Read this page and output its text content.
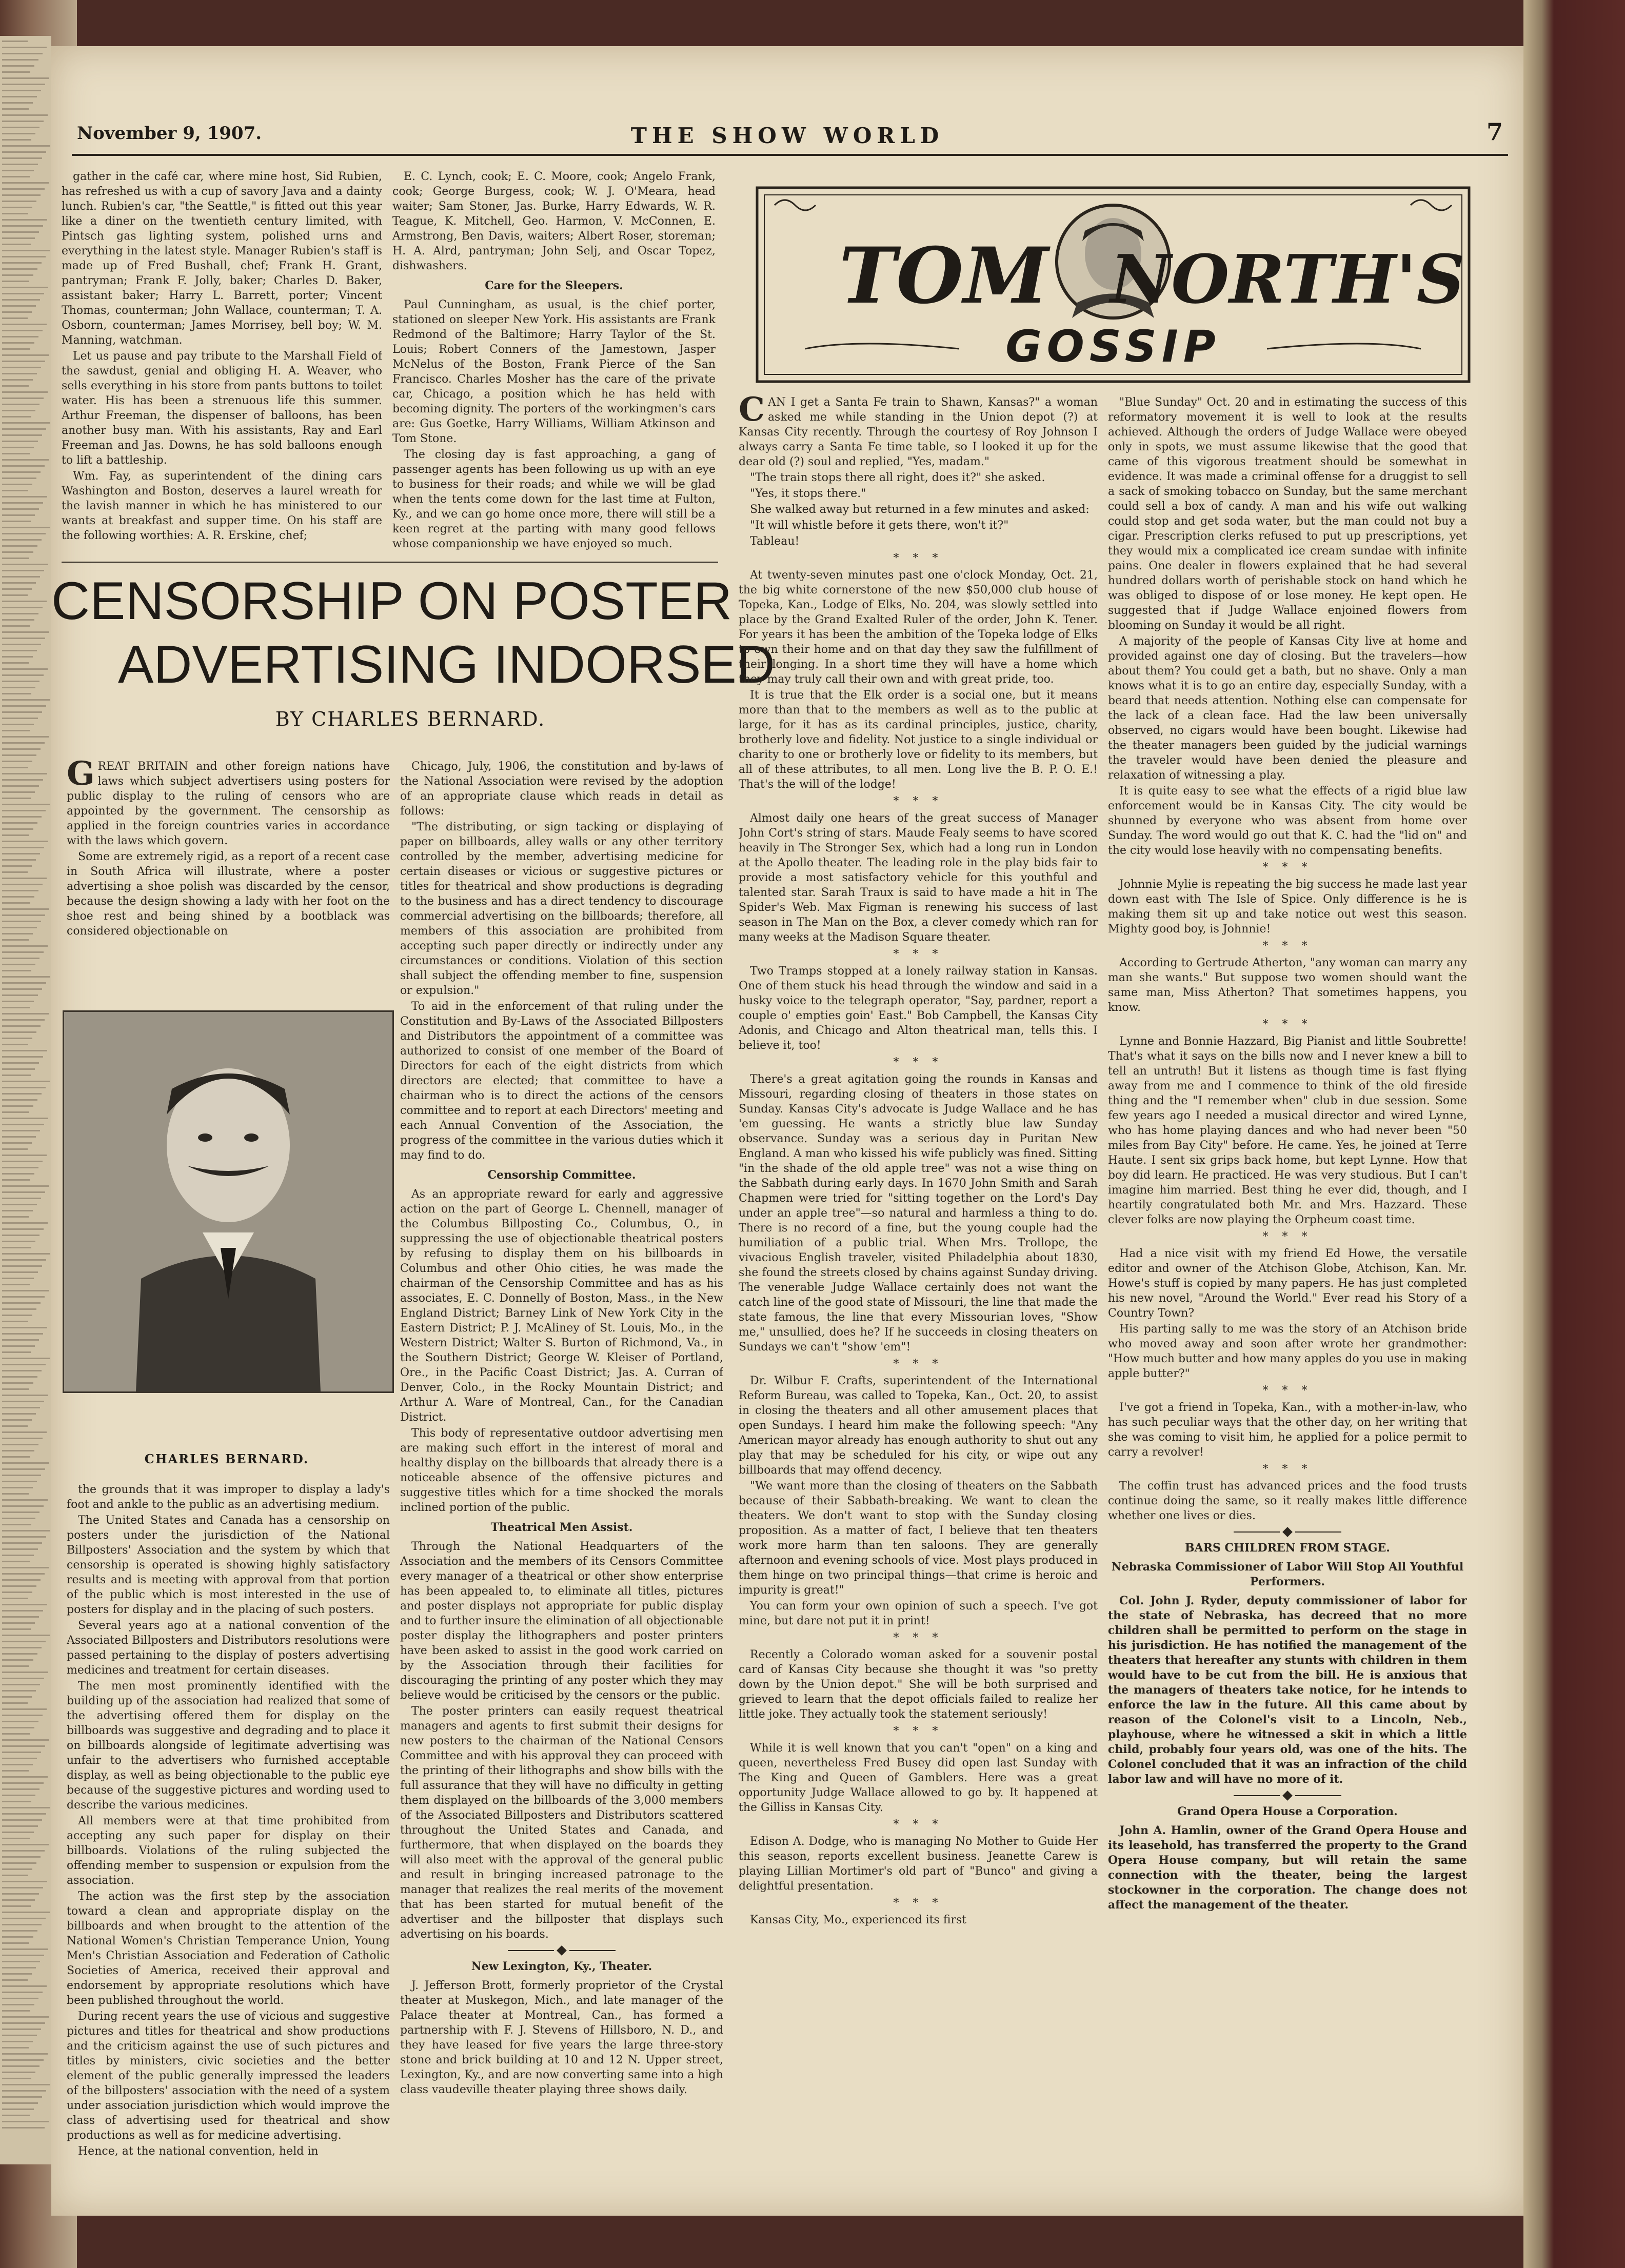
November 9, 1907.	THE SHOW WORLD	7

gather in the café car, where mine host, Sid Rubien, has refreshed us with a cup of savory Java and a dainty lunch. Rubien's car, "the Seattle," is fitted out this year like a diner on the twentieth century limited, with Pintsch gas lighting system, polished urns and everything in the latest style. Manager Rubien's staff is made up of Fred Bushall, chef; Frank H. Grant, pantryman; Frank F. Jolly, baker; Charles D. Baker, assistant baker; Harry L. Barrett, porter; Vincent Thomas, counterman; John Wallace, counterman; T. A. Osborn, counterman; James Morrisey, bell boy; W. M. Manning, watchman.

Let us pause and pay tribute to the Marshall Field of the sawdust, genial and obliging H. A. Weaver, who sells everything in his store from pants buttons to toilet water. His has been a strenuous life this summer. Arthur Freeman, the dispenser of balloons, has been another busy man. With his assistants, Ray and Earl Freeman and Jas. Downs, he has sold balloons enough to lift a battleship.

Wm. Fay, as superintendent of the dining cars Washington and Boston, deserves a laurel wreath for the lavish manner in which he has ministered to our wants at breakfast and supper time. On his staff are the following worthies: A. R. Erskine, chef;

E. C. Lynch, cook; E. C. Moore, cook; Angelo Frank, cook; George Burgess, cook; W. J. O'Meara, head waiter; Sam Stoner, Jas. Burke, Harry Edwards, W. R. Teague, K. Mitchell, Geo. Harmon, V. McConnen, E. Armstrong, Ben Davis, waiters; Albert Roser, storeman; H. A. Alrd, pantryman; John Selj, and Oscar Topez, dishwashers.

Care for the Sleepers.

Paul Cunningham, as usual, is the chief porter, stationed on sleeper New York. His assistants are Frank Redmond of the Baltimore; Harry Taylor of the St. Louis; Robert Conners of the Jamestown, Jasper McNelus of the Boston, Frank Pierce of the San Francisco. Charles Mosher has the care of the private car, Chicago, a position which he has held with becoming dignity. The porters of the workingmen's cars are: Gus Goetke, Harry Williams, William Atkinson and Tom Stone.

The closing day is fast approaching, a gang of passenger agents has been following us up with an eye to business for their roads; and while we will be glad when the tents come down for the last time at Fulton, Ky., and we can go home once more, there will still be a keen regret at the parting with many good fellows whose companionship we have enjoyed so much.

CENSORSHIP ON POSTER
ADVERTISING INDORSED
BY CHARLES BERNARD.

GREAT BRITAIN and other foreign nations have laws which subject advertisers using posters for public display to the ruling of censors who are appointed by the government. The censorship as applied in the foreign countries varies in accordance with the laws which govern.

Some are extremely rigid, as a report of a recent case in South Africa will illustrate, where a poster advertising a shoe polish was discarded by the censor, because the design showing a lady with her foot on the shoe rest and being shined by a bootblack was considered objectionable on

CHARLES BERNARD.

the grounds that it was improper to display a lady's foot and ankle to the public as an advertising medium.

The United States and Canada has a censorship on posters under the jurisdiction of the National Billposters' Association and the system by which that censorship is operated is showing highly satisfactory results and is meeting with approval from that portion of the public which is most interested in the use of posters for display and in the placing of such posters.

Several years ago at a national convention of the Associated Billposters and Distributors resolutions were passed pertaining to the display of posters advertising medicines and treatment for certain diseases.

The men most prominently identified with the building up of the association had realized that some of the advertising offered them for display on the billboards was suggestive and degrading and to place it on billboards alongside of legitimate advertising was unfair to the advertisers who furnished acceptable display, as well as being objectionable to the public eye because of the suggestive pictures and wording used to describe the various medicines.

All members were at that time prohibited from accepting any such paper for display on their billboards. Violations of the ruling subjected the offending member to suspension or expulsion from the association.

The action was the first step by the association toward a clean and appropriate display on the billboards and when brought to the attention of the National Women's Christian Temperance Union, Young Men's Christian Association and Federation of Catholic Societies of America, received their approval and endorsement by appropriate resolutions which have been published throughout the world.

During recent years the use of vicious and suggestive pictures and titles for theatrical and show productions and the criticism against the use of such pictures and titles by ministers, civic societies and the better element of the public generally impressed the leaders of the billposters' association with the need of a system under association jurisdiction which would improve the class of advertising used for theatrical and show productions as well as for medicine advertising.

Hence, at the national convention, held in

Chicago, July, 1906, the constitution and by-laws of the National Association were revised by the adoption of an appropriate clause which reads in detail as follows:

"The distributing, or sign tacking or displaying of paper on billboards, alley walls or any other territory controlled by the member, advertising medicine for certain diseases or vicious or suggestive pictures or titles for theatrical and show productions is degrading to the business and has a direct tendency to discourage commercial advertising on the billboards; therefore, all members of this association are prohibited from accepting such paper directly or indirectly under any circumstances or conditions. Violation of this section shall subject the offending member to fine, suspension or expulsion."

To aid in the enforcement of that ruling under the Constitution and By-Laws of the Associated Billposters and Distributors the appointment of a committee was authorized to consist of one member of the Board of Directors for each of the eight districts from which directors are elected; that committee to have a chairman who is to direct the actions of the censors committee and to report at each Directors' meeting and each Annual Convention of the Association, the progress of the committee in the various duties which it may find to do.

Censorship Committee.

As an appropriate reward for early and aggressive action on the part of George L. Chennell, manager of the Columbus Billposting Co., Columbus, O., in suppressing the use of objectionable theatrical posters by refusing to display them on his billboards in Columbus and other Ohio cities, he was made the chairman of the Censorship Committee and has as his associates, E. C. Donnelly of Boston, Mass., in the New England District; Barney Link of New York City in the Eastern District; P. J. McAliney of St. Louis, Mo., in the Western District; Walter S. Burton of Richmond, Va., in the Southern District; George W. Kleiser of Portland, Ore., in the Pacific Coast District; Jas. A. Curran of Denver, Colo., in the Rocky Mountain District; and Arthur A. Ware of Montreal, Can., for the Canadian District.

This body of representative outdoor advertising men are making such effort in the interest of moral and healthy display on the billboards that already there is a noticeable absence of the offensive pictures and suggestive titles which for a time shocked the morals inclined portion of the public.

Theatrical Men Assist.

Through the National Headquarters of the Association and the members of its Censors Committee every manager of a theatrical or other show enterprise has been appealed to, to eliminate all titles, pictures and poster displays not appropriate for public display and to further insure the elimination of all objectionable poster display the lithographers and poster printers have been asked to assist in the good work carried on by the Association through their facilities for discouraging the printing of any poster which they may believe would be criticised by the censors or the public.

The poster printers can easily request theatrical managers and agents to first submit their designs for new posters to the chairman of the National Censors Committee and with his approval they can proceed with the printing of their lithographs and show bills with the full assurance that they will have no difficulty in getting them displayed on the billboards of the 3,000 members of the Associated Billposters and Distributors scattered throughout the United States and Canada, and furthermore, that when displayed on the boards they will also meet with the approval of the general public and result in bringing increased patronage to the manager that realizes the real merits of the movement that has been started for mutual benefit of the advertiser and the billposter that displays such advertising on his boards.

New Lexington, Ky., Theater.

J. Jefferson Brott, formerly proprietor of the Crystal theater at Muskegon, Mich., and late manager of the Palace theater at Montreal, Can., has formed a partnership with F. J. Stevens of Hillsboro, N. D., and they have leased for five years the large three-story stone and brick building at 10 and 12 N. Upper street, Lexington, Ky., and are now converting same into a high class vaudeville theater playing three shows daily.

TOM NORTH'S
GOSSIP

CAN I get a Santa Fe train to Shawn, Kansas?" a woman asked me while standing in the Union depot (?) at Kansas City recently. Through the courtesy of Roy Johnson I always carry a Santa Fe time table, so I looked it up for the dear old (?) soul and replied, "Yes, madam."

"The train stops there all right, does it?" she asked.

"Yes, it stops there."

She walked away but returned in a few minutes and asked:

"It will whistle before it gets there, won't it?"

Tableau!

* * *

At twenty-seven minutes past one o'clock Monday, Oct. 21, the big white cornerstone of the new $50,000 club house of Topeka, Kan., Lodge of Elks, No. 204, was slowly settled into place by the Grand Exalted Ruler of the order, John K. Tener. For years it has been the ambition of the Topeka lodge of Elks to own their home and on that day they saw the fulfillment of their longing. In a short time they will have a home which they may truly call their own and with great pride, too.

It is true that the Elk order is a social one, but it means more than that to the members as well as to the public at large, for it has as its cardinal principles, justice, charity, brotherly love and fidelity. Not justice to a single individual or charity to one or brotherly love or fidelity to its members, but all of these attributes, to all men. Long live the B. P. O. E.! That's the will of the lodge!

* * *

Almost daily one hears of the great success of Manager John Cort's string of stars. Maude Fealy seems to have scored heavily in The Stronger Sex, which had a long run in London at the Apollo theater. The leading role in the play bids fair to provide a most satisfactory vehicle for this youthful and talented star. Sarah Traux is said to have made a hit in The Spider's Web. Max Figman is renewing his success of last season in The Man on the Box, a clever comedy which ran for many weeks at the Madison Square theater.

* * *

Two Tramps stopped at a lonely railway station in Kansas. One of them stuck his head through the window and said in a husky voice to the telegraph operator, "Say, pardner, report a couple o' empties goin' East." Bob Campbell, the Kansas City Adonis, and Chicago and Alton theatrical man, tells this. I believe it, too!

* * *

There's a great agitation going the rounds in Kansas and Missouri, regarding closing of theaters in those states on Sunday. Kansas City's advocate is Judge Wallace and he has 'em guessing. He wants a strictly blue law Sunday observance. Sunday was a serious day in Puritan New England. A man who kissed his wife publicly was fined. Sitting "in the shade of the old apple tree" was not a wise thing on the Sabbath during early days. In 1670 John Smith and Sarah Chapmen were tried for "sitting together on the Lord's Day under an apple tree"—so natural and harmless a thing to do. There is no record of a fine, but the young couple had the humiliation of a public trial. When Mrs. Trollope, the vivacious English traveler, visited Philadelphia about 1830, she found the streets closed by chains against Sunday driving. The venerable Judge Wallace certainly does not want the catch line of the good state of Missouri, the line that made the state famous, the line that every Missourian loves, "Show me," unsullied, does he? If he succeeds in closing theaters on Sundays we can't "show 'em"!

* * *

Dr. Wilbur F. Crafts, superintendent of the International Reform Bureau, was called to Topeka, Kan., Oct. 20, to assist in closing the theaters and all other amusement places that open Sundays. I heard him make the following speech: "Any American mayor already has enough authority to shut out any play that may be scheduled for his city, or wipe out any billboards that may offend decency.

"We want more than the closing of theaters on the Sabbath because of their Sabbath-breaking. We want to clean the theaters. We don't want to stop with the Sunday closing proposition. As a matter of fact, I believe that ten theaters work more harm than ten saloons. They are generally afternoon and evening schools of vice. Most plays produced in them hinge on two principal things—that crime is heroic and impurity is great!"

You can form your own opinion of such a speech. I've got mine, but dare not put it in print!

* * *

Recently a Colorado woman asked for a souvenir postal card of Kansas City because she thought it was "so pretty down by the Union depot." She will be both surprised and grieved to learn that the depot officials failed to realize her little joke. They actually took the statement seriously!

* * *

While it is well known that you can't "open" on a king and queen, nevertheless Fred Busey did open last Sunday with The King and Queen of Gamblers. Here was a great opportunity Judge Wallace allowed to go by. It happened at the Gilliss in Kansas City.

* * *

Edison A. Dodge, who is managing No Mother to Guide Her this season, reports excellent business. Jeanette Carew is playing Lillian Mortimer's old part of "Bunco" and giving a delightful presentation.

* * *

Kansas City, Mo., experienced its first

"Blue Sunday" Oct. 20 and in estimating the success of this reformatory movement it is well to look at the results achieved. Although the orders of Judge Wallace were obeyed only in spots, we must assume likewise that the good that came of this vigorous treatment should be somewhat in evidence. It was made a criminal offense for a druggist to sell a sack of smoking tobacco on Sunday, but the same merchant could sell a box of candy. A man and his wife out walking could stop and get soda water, but the man could not buy a cigar. Prescription clerks refused to put up prescriptions, yet they would mix a complicated ice cream sundae with infinite pains. One dealer in flowers explained that he had several hundred dollars worth of perishable stock on hand which he was obliged to dispose of or lose money. He kept open. He suggested that if Judge Wallace enjoined flowers from blooming on Sunday it would be all right.

A majority of the people of Kansas City live at home and provided against one day of closing. But the travelers—how about them? You could get a bath, but no shave. Only a man knows what it is to go an entire day, especially Sunday, with a beard that needs attention. Nothing else can compensate for the lack of a clean face. Had the law been universally observed, no cigars would have been bought. Likewise had the theater managers been guided by the judicial warnings the traveler would have been denied the pleasure and relaxation of witnessing a play.

It is quite easy to see what the effects of a rigid blue law enforcement would be in Kansas City. The city would be shunned by everyone who was absent from home over Sunday. The word would go out that K. C. had the "lid on" and the city would lose heavily with no compensating benefits.

* * *

Johnnie Mylie is repeating the big success he made last year down east with The Isle of Spice. Only difference is he is making them sit up and take notice out west this season. Mighty good boy, is Johnnie!

* * *

According to Gertrude Atherton, "any woman can marry any man she wants." But suppose two women should want the same man, Miss Atherton? That sometimes happens, you know.

* * *

Lynne and Bonnie Hazzard, Big Pianist and little Soubrette! That's what it says on the bills now and I never knew a bill to tell an untruth! But it listens as though time is fast flying away from me and I commence to think of the old fireside thing and the "I remember when" club in due session. Some few years ago I needed a musical director and wired Lynne, who has home playing dances and who had never been "50 miles from Bay City" before. He came. Yes, he joined at Terre Haute. I sent six grips back home, but kept Lynne. How that boy did learn. He practiced. He was very studious. But I can't imagine him married. Best thing he ever did, though, and I heartily congratulated both Mr. and Mrs. Hazzard. These clever folks are now playing the Orpheum coast time.

* * *

Had a nice visit with my friend Ed Howe, the versatile editor and owner of the Atchison Globe, Atchison, Kan. Mr. Howe's stuff is copied by many papers. He has just completed his new novel, "Around the World." Ever read his Story of a Country Town?

His parting sally to me was the story of an Atchison bride who moved away and soon after wrote her grandmother: "How much butter and how many apples do you use in making apple butter?"

* * *

I've got a friend in Topeka, Kan., with a mother-in-law, who has such peculiar ways that the other day, on her writing that she was coming to visit him, he applied for a police permit to carry a revolver!

* * *

The coffin trust has advanced prices and the food trusts continue doing the same, so it really makes little difference whether one lives or dies.

BARS CHILDREN FROM STAGE.
Nebraska Commissioner of Labor Will Stop All Youthful Performers.

Col. John J. Ryder, deputy commissioner of labor for the state of Nebraska, has decreed that no more children shall be permitted to perform on the stage in his jurisdiction. He has notified the management of the theaters that hereafter any stunts with children in them would have to be cut from the bill. He is anxious that the managers of theaters take notice, for he intends to enforce the law in the future. All this came about by reason of the Colonel's visit to a Lincoln, Neb., playhouse, where he witnessed a skit in which a little child, probably four years old, was one of the hits. The Colonel concluded that it was an infraction of the child labor law and will have no more of it.

Grand Opera House a Corporation.

John A. Hamlin, owner of the Grand Opera House and its leasehold, has transferred the property to the Grand Opera House company, but will retain the same connection with the theater, being the largest stockowner in the corporation. The change does not affect the management of the theater.
